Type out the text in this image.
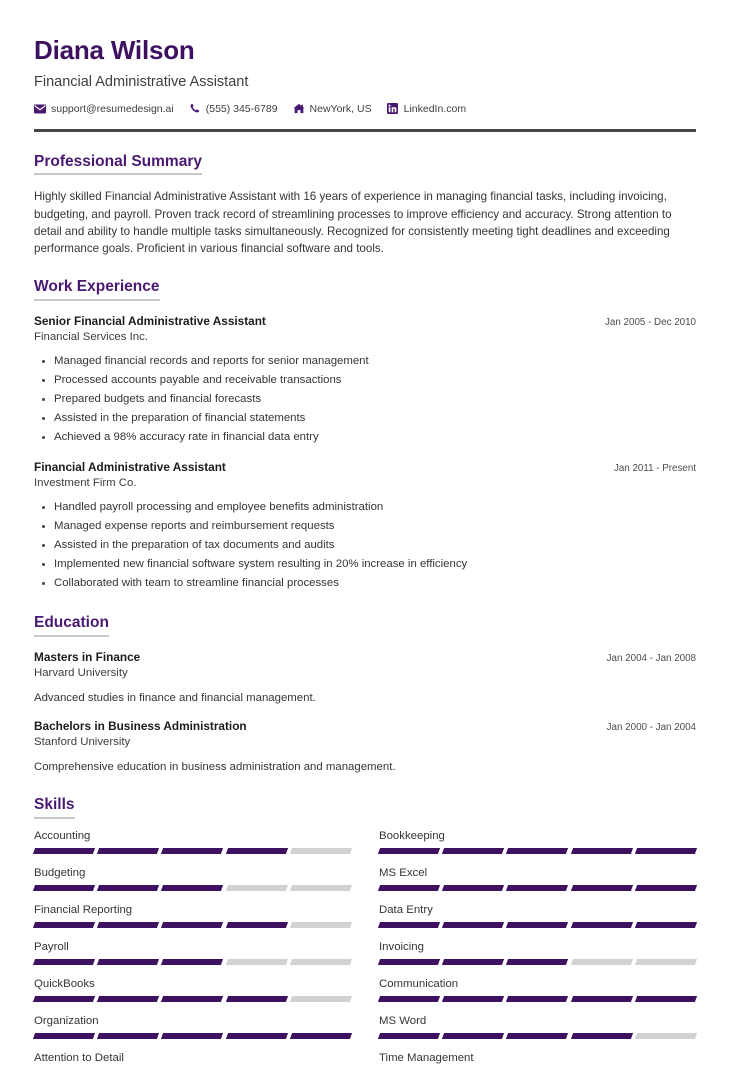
Diana Wilson
Financial Administrative Assistant
support@resumedesign.ai	(555) 345-6789	NewYork, US	LinkedIn.com
Professional Summary
Highly skilled Financial Administrative Assistant with 16 years of experience in managing financial tasks, including invoicing, budgeting, and payroll. Proven track record of streamlining processes to improve efficiency and accuracy. Strong attention to detail and ability to handle multiple tasks simultaneously. Recognized for consistently meeting tight deadlines and exceeding performance goals. Proficient in various financial software and tools.
Work Experience
Senior Financial Administrative Assistant	Jan 2005 - Dec 2010
Financial Services Inc.
Managed financial records and reports for senior management
Processed accounts payable and receivable transactions
Prepared budgets and financial forecasts
Assisted in the preparation of financial statements
Achieved a 98% accuracy rate in financial data entry
Financial Administrative Assistant	Jan 2011 - Present
Investment Firm Co.
Handled payroll processing and employee benefits administration
Managed expense reports and reimbursement requests
Assisted in the preparation of tax documents and audits
Implemented new financial software system resulting in 20% increase in efficiency
Collaborated with team to streamline financial processes
Education
Masters in Finance	Jan 2004 - Jan 2008
Harvard University
Advanced studies in finance and financial management.
Bachelors in Business Administration	Jan 2000 - Jan 2004
Stanford University
Comprehensive education in business administration and management.
Skills
Accounting	Bookkeeping
Budgeting	MS Excel
Financial Reporting	Data Entry
Payroll	Invoicing
QuickBooks	Communication
Organization	MS Word
Attention to Detail	Time Management
